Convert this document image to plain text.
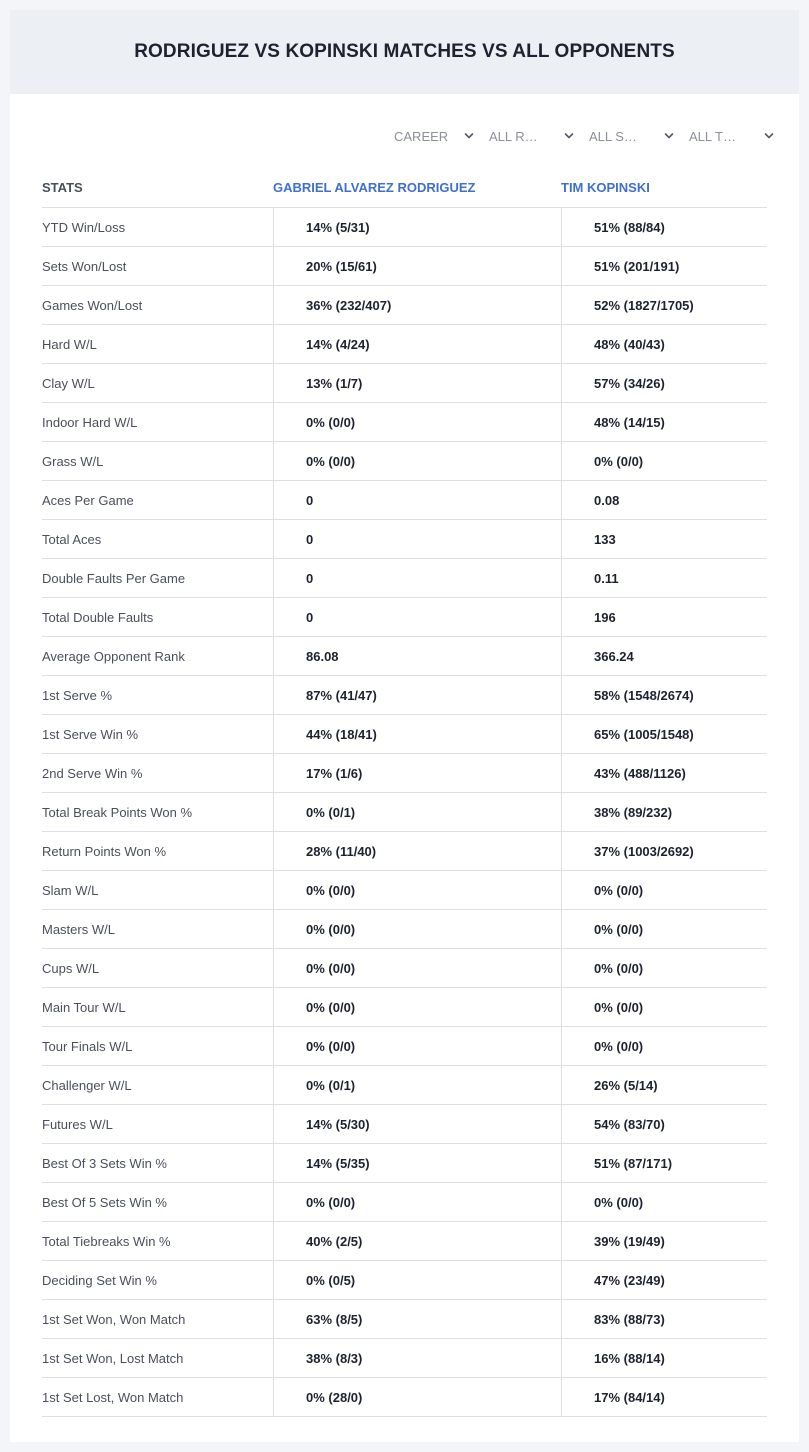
RODRIGUEZ VS KOPINSKI MATCHES VS ALL OPPONENTS
CAREER	ALL R…	ALL S…	ALL T…
STATS	GABRIEL ALVAREZ RODRIGUEZ	TIM KOPINSKI
YTD Win/Loss	14% (5/31)	51% (88/84)
Sets Won/Lost	20% (15/61)	51% (201/191)
Games Won/Lost	36% (232/407)	52% (1827/1705)
Hard W/L	14% (4/24)	48% (40/43)
Clay W/L	13% (1/7)	57% (34/26)
Indoor Hard W/L	0% (0/0)	48% (14/15)
Grass W/L	0% (0/0)	0% (0/0)
Aces Per Game	0	0.08
Total Aces	0	133
Double Faults Per Game	0	0.11
Total Double Faults	0	196
Average Opponent Rank	86.08	366.24
1st Serve %	87% (41/47)	58% (1548/2674)
1st Serve Win %	44% (18/41)	65% (1005/1548)
2nd Serve Win %	17% (1/6)	43% (488/1126)
Total Break Points Won %	0% (0/1)	38% (89/232)
Return Points Won %	28% (11/40)	37% (1003/2692)
Slam W/L	0% (0/0)	0% (0/0)
Masters W/L	0% (0/0)	0% (0/0)
Cups W/L	0% (0/0)	0% (0/0)
Main Tour W/L	0% (0/0)	0% (0/0)
Tour Finals W/L	0% (0/0)	0% (0/0)
Challenger W/L	0% (0/1)	26% (5/14)
Futures W/L	14% (5/30)	54% (83/70)
Best Of 3 Sets Win %	14% (5/35)	51% (87/171)
Best Of 5 Sets Win %	0% (0/0)	0% (0/0)
Total Tiebreaks Win %	40% (2/5)	39% (19/49)
Deciding Set Win %	0% (0/5)	47% (23/49)
1st Set Won, Won Match	63% (8/5)	83% (88/73)
1st Set Won, Lost Match	38% (8/3)	16% (88/14)
1st Set Lost, Won Match	0% (28/0)	17% (84/14)
